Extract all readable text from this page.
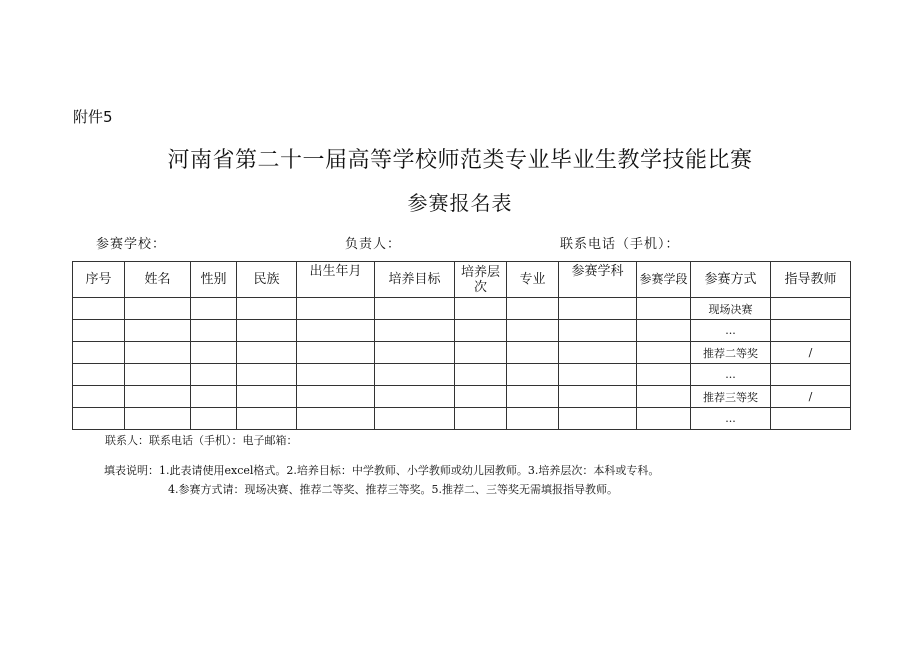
附件5
河南省第二十一届高等学校师范类专业毕业生教学技能比赛
参赛报名表
参赛学校：	负责人：	联系电话（手机）：
序号	姓名	性别	民族	出生年月	培养目标	培养层次	专业	参赛学科	参赛学段	参赛方式	指导教师
										现场决赛	
										...	
										推荐二等奖	/
										...	
										推荐三等奖	/
										...	
联系人：联系电话（手机）：电子邮箱：
填表说明：1.此表请使用excel格式。2.培养目标：中学教师、小学教师或幼儿园教师。3.培养层次：本科或专科。
4.参赛方式请：现场决赛、推荐二等奖、推荐三等奖。5.推荐二、三等奖无需填报指导教师。
